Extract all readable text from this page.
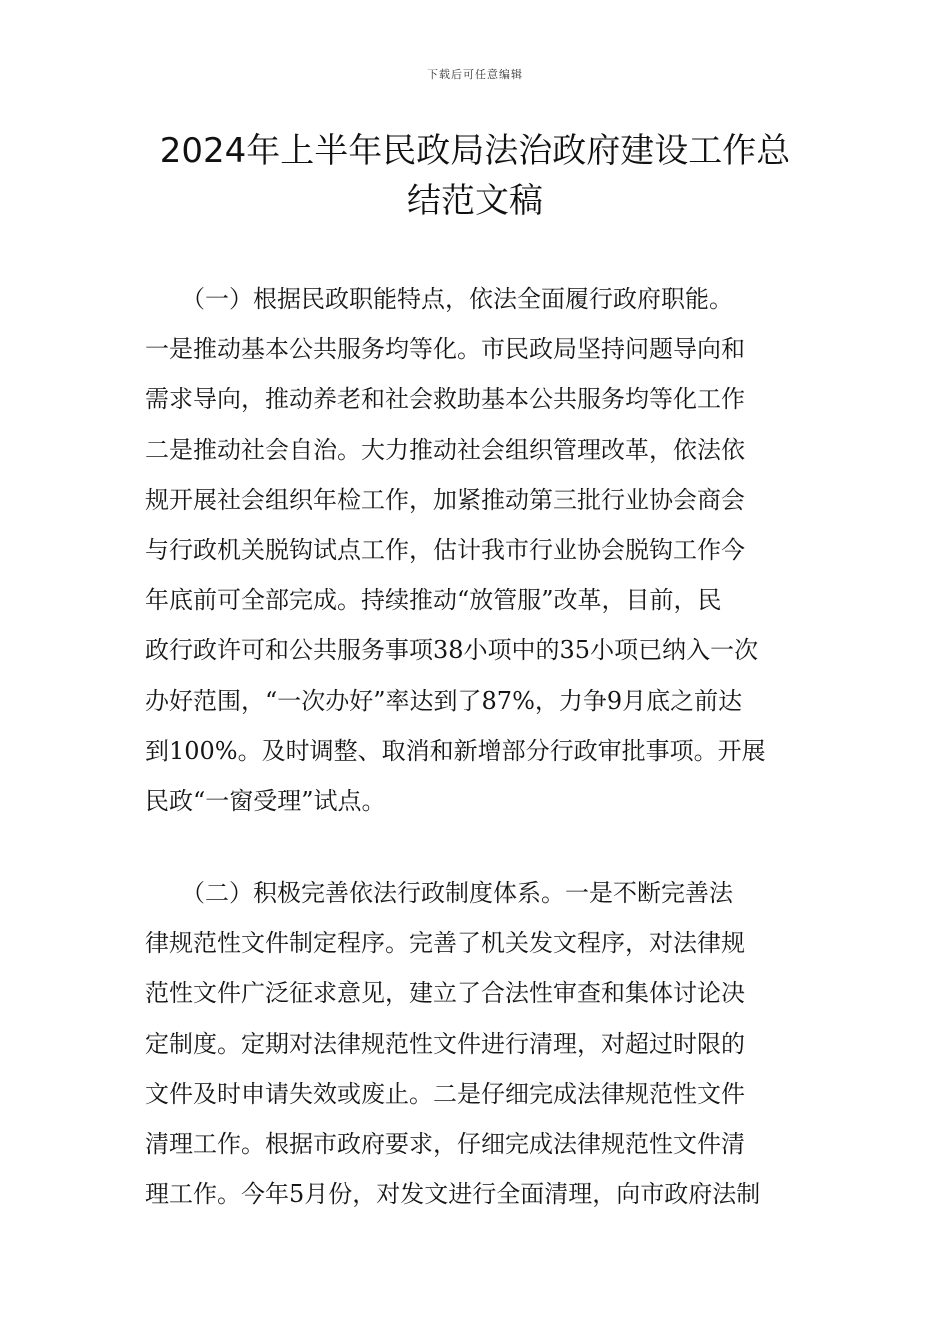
下载后可任意编辑
2024年上半年民政局法治政府建设工作总
结范文稿
　　（一）根据民政职能特点，依法全面履行政府职能。
一是推动基本公共服务均等化。市民政局坚持问题导向和
需求导向，推动养老和社会救助基本公共服务均等化工作
二是推动社会自治。大力推动社会组织管理改革，依法依
规开展社会组织年检工作，加紧推动第三批行业协会商会
与行政机关脱钩试点工作，估计我市行业协会脱钩工作今
年底前可全部完成。持续推动“放管服”改革，目前，民
政行政许可和公共服务事项38小项中的35小项已纳入一次
办好范围，“一次办好”率达到了87%，力争9月底之前达
到100%。及时调整、取消和新增部分行政审批事项。开展
民政“一窗受理”试点。
　　（二）积极完善依法行政制度体系。一是不断完善法
律规范性文件制定程序。完善了机关发文程序，对法律规
范性文件广泛征求意见，建立了合法性审查和集体讨论决
定制度。定期对法律规范性文件进行清理，对超过时限的
文件及时申请失效或废止。二是仔细完成法律规范性文件
清理工作。根据市政府要求，仔细完成法律规范性文件清
理工作。今年5月份，对发文进行全面清理，向市政府法制
